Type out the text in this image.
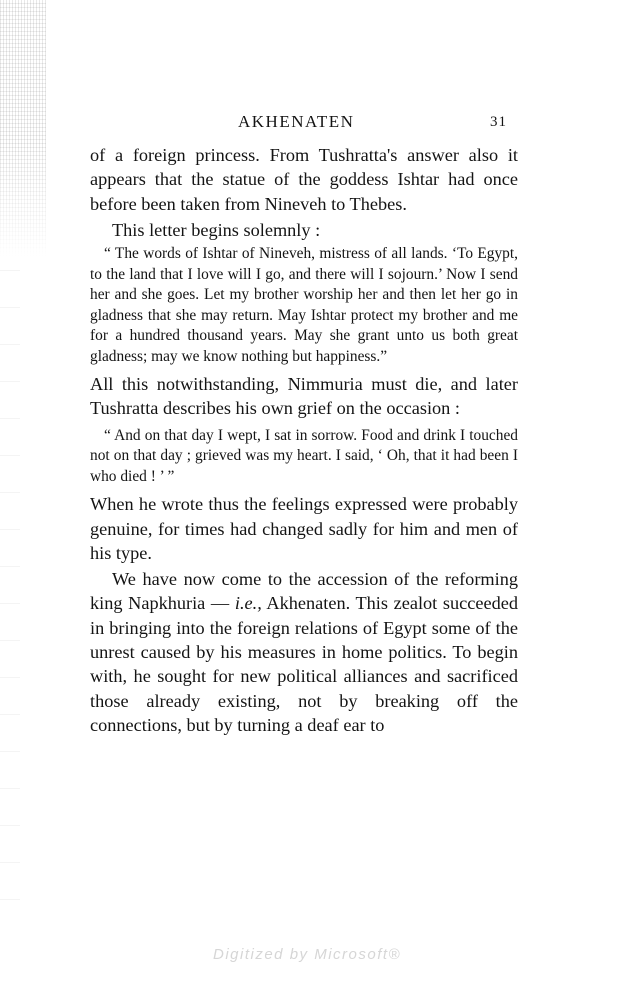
AKHENATEN	31

of a foreign princess. From Tushratta's answer also it appears that the statue of the goddess Ishtar had once before been taken from Nineveh to Thebes.

This letter begins solemnly :

“ The words of Ishtar of Nineveh, mistress of all lands. ‘To Egypt, to the land that I love will I go, and there will I sojourn.’ Now I send her and she goes. Let my brother worship her and then let her go in gladness that she may return. May Ishtar protect my brother and me for a hundred thousand years. May she grant unto us both great gladness; may we know nothing but happiness.”

All this notwithstanding, Nimmuria must die, and later Tushratta describes his own grief on the occasion :

“ And on that day I wept, I sat in sorrow. Food and drink I touched not on that day ; grieved was my heart. I said, ‘ Oh, that it had been I who died ! ’ ”

When he wrote thus the feelings expressed were probably genuine, for times had changed sadly for him and men of his type.

We have now come to the accession of the reforming king Napkhuria — i.e., Akhenaten. This zealot succeeded in bringing into the foreign relations of Egypt some of the unrest caused by his measures in home politics. To begin with, he sought for new political alliances and sacrificed those already existing, not by breaking off the connections, but by turning a deaf ear to

Digitized by Microsoft®
